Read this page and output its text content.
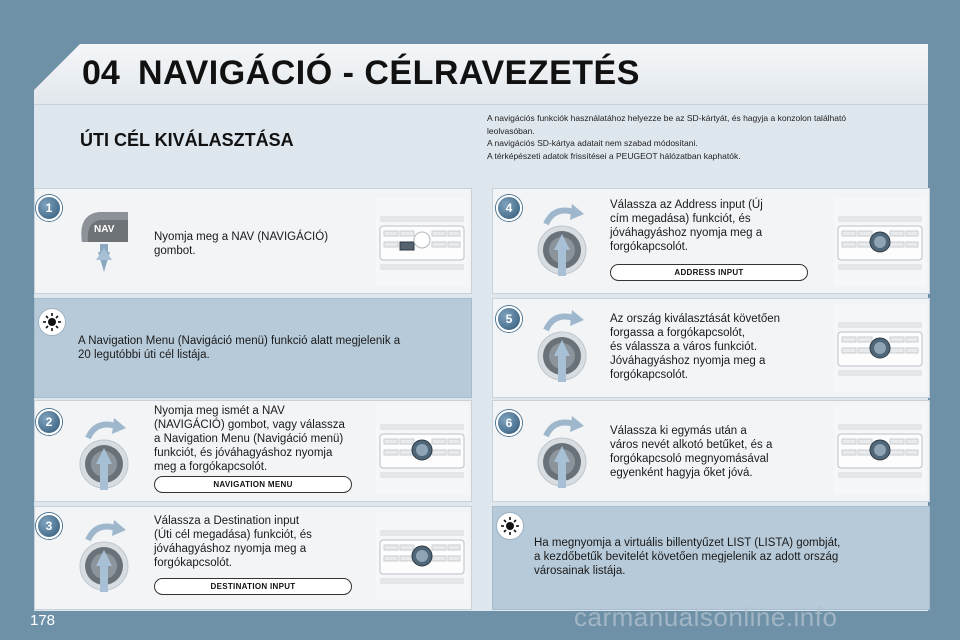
04 NAVIGÁCIÓ - CÉLRAVEZETÉS
ÚTI CÉL KIVÁLASZTÁSA
A navigációs funkciók használatához helyezze be az SD-kártyát, és hagyja a konzolon található
leolvasóban.
A navigációs SD-kártya adatait nem szabad módosítani.
A térképészeti adatok frissítései a PEUGEOT hálózatban kaphatók.
1
NAV
Nyomja meg a NAV (NAVIGÁCIÓ)
gombot.
A Navigation Menu (Navigáció menü) funkció alatt megjelenik a
20 legutóbbi úti cél listája.
2
Nyomja meg ismét a NAV
(NAVIGÁCIÓ) gombot, vagy válassza
a Navigation Menu (Navigáció menü)
funkciót, és jóváhagyáshoz nyomja
meg a forgókapcsolót.
NAVIGATION MENU
3	Válassza a Destination input
(Úti cél megadása) funkciót, és
jóváhagyáshoz nyomja meg a
forgókapcsolót.
DESTINATION INPUT
4	Válassza az Address input (Új
cím megadása) funkciót, és
jóváhagyáshoz nyomja meg a
forgókapcsolót.
ADDRESS INPUT
5	Az ország kiválasztását követően
forgassa a forgókapcsolót,
és válassza a város funkciót.
Jóváhagyáshoz nyomja meg a
forgókapcsolót.
6
Válassza ki egymás után a
város nevét alkotó betűket, és a
forgókapcsoló megnyomásával
egyenként hagyja őket jóvá.
Ha megnyomja a virtuális billentyűzet LIST (LISTA) gombját,
a kezdőbetűk bevitelét követően megjelenik az adott ország
városainak listája.
178	carmanualsonline.info
